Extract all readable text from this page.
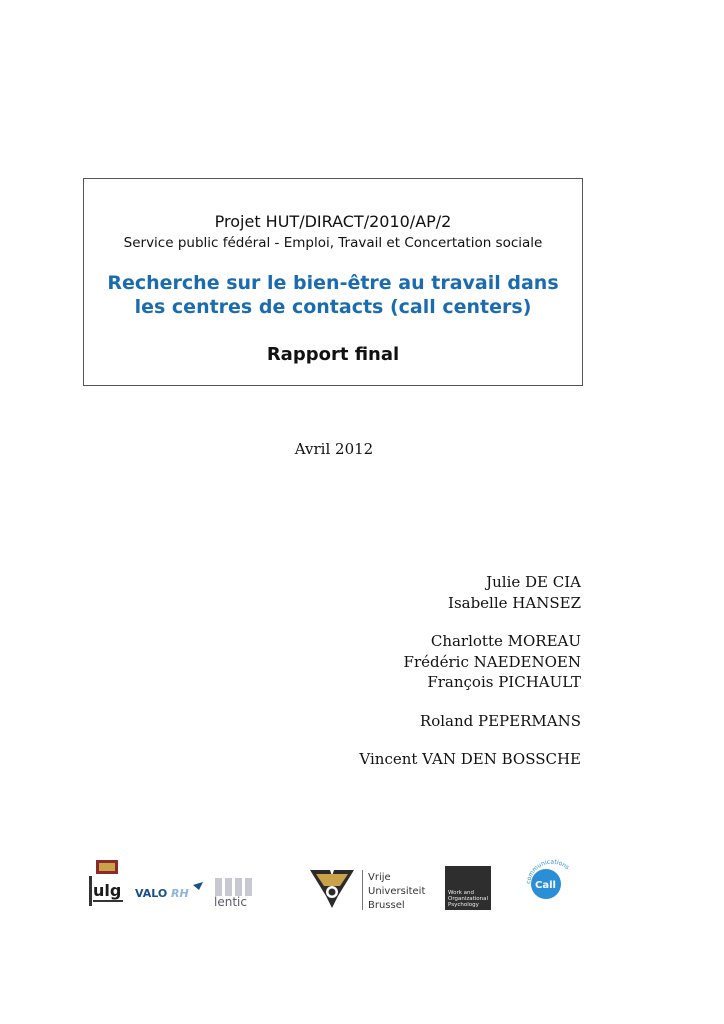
Projet HUT/DIRACT/2010/AP/2
Service public fédéral - Emploi, Travail et Concertation sociale
Recherche sur le bien-être au travail dans
les centres de contacts (call centers)
Rapport final
Avril 2012
Julie DE CIA
Isabelle HANSEZ
Charlotte MOREAU
Frédéric NAEDENOEN
François PICHAULT
Roland PEPERMANS
Vincent VAN DEN BOSSCHE
ulg VALO RH
lentic
Vrije
Universiteit
Brussel
Work and
Organizational
Psychology
Call
communications
